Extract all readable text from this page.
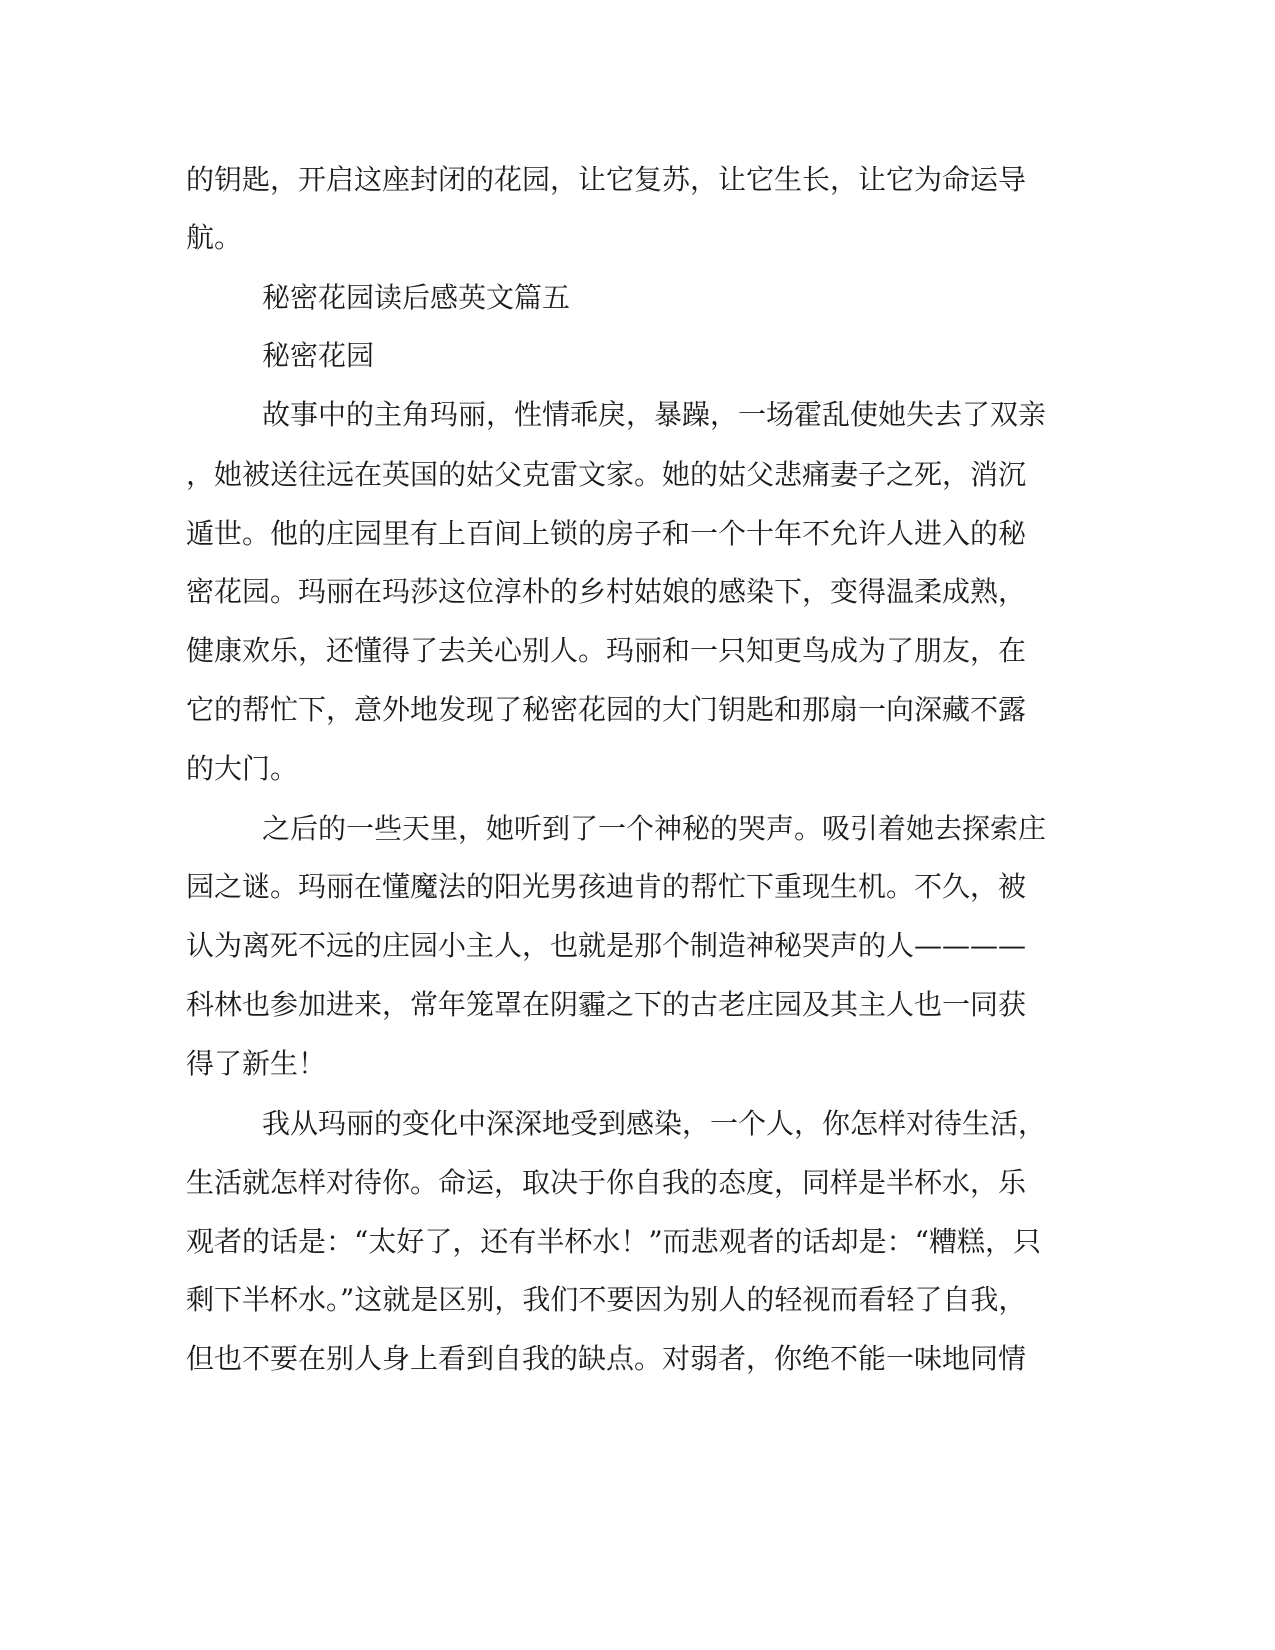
的钥匙，开启这座封闭的花园，让它复苏，让它生长，让它为命运导
航。
秘密花园读后感英文篇五
秘密花园
故事中的主角玛丽，性情乖戾，暴躁，一场霍乱使她失去了双亲
，她被送往远在英国的姑父克雷文家。她的姑父悲痛妻子之死，消沉
遁世。他的庄园里有上百间上锁的房子和一个十年不允许人进入的秘
密花园。玛丽在玛莎这位淳朴的乡村姑娘的感染下，变得温柔成熟，
健康欢乐，还懂得了去关心别人。玛丽和一只知更鸟成为了朋友，在
它的帮忙下，意外地发现了秘密花园的大门钥匙和那扇一向深藏不露
的大门。
之后的一些天里，她听到了一个神秘的哭声。吸引着她去探索庄
园之谜。玛丽在懂魔法的阳光男孩迪肯的帮忙下重现生机。不久，被
认为离死不远的庄园小主人，也就是那个制造神秘哭声的人————
科林也参加进来，常年笼罩在阴霾之下的古老庄园及其主人也一同获
得了新生！
我从玛丽的变化中深深地受到感染，一个人，你怎样对待生活，
生活就怎样对待你。命运，取决于你自我的态度，同样是半杯水，乐
观者的话是：“太好了，还有半杯水！”而悲观者的话却是：“糟糕，只
剩下半杯水。”这就是区别，我们不要因为别人的轻视而看轻了自我，
但也不要在别人身上看到自我的缺点。对弱者，你绝不能一味地同情
